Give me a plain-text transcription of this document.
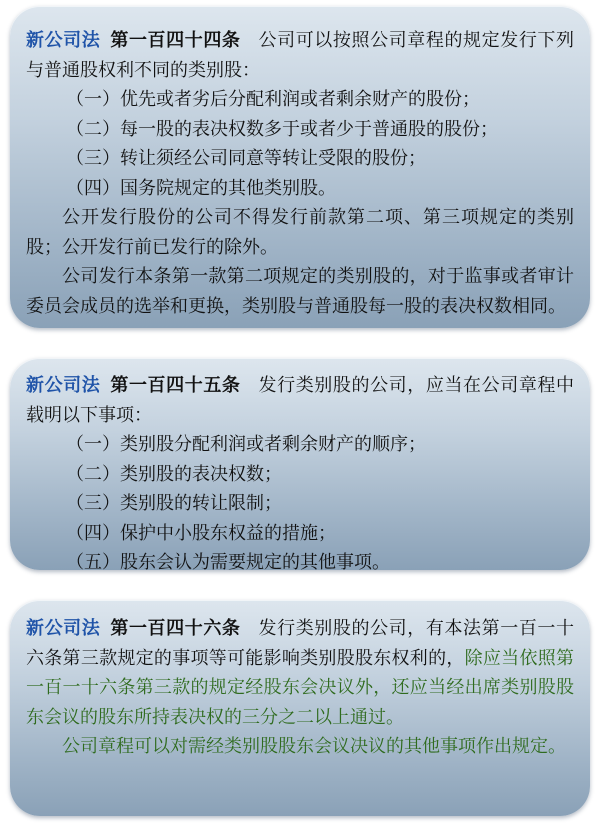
新公司法 第一百四十四条 公司可以按照公司章程的规定发行下列与普通股权利不同的类别股：

（一）优先或者劣后分配利润或者剩余财产的股份；

（二）每一股的表决权数多于或者少于普通股的股份；

（三）转让须经公司同意等转让受限的股份；

（四）国务院规定的其他类别股。

公开发行股份的公司不得发行前款第二项、第三项规定的类别股；公开发行前已发行的除外。

公司发行本条第一款第二项规定的类别股的，对于监事或者审计委员会成员的选举和更换，类别股与普通股每一股的表决权数相同。

新公司法 第一百四十五条 发行类别股的公司，应当在公司章程中载明以下事项：

（一）类别股分配利润或者剩余财产的顺序；

（二）类别股的表决权数；

（三）类别股的转让限制；

（四）保护中小股东权益的措施；

（五）股东会认为需要规定的其他事项。

新公司法 第一百四十六条 发行类别股的公司，有本法第一百一十六条第三款规定的事项等可能影响类别股股东权利的，除应当依照第一百一十六条第三款的规定经股东会决议外，还应当经出席类别股股东会议的股东所持表决权的三分之二以上通过。

公司章程可以对需经类别股股东会议决议的其他事项作出规定。
